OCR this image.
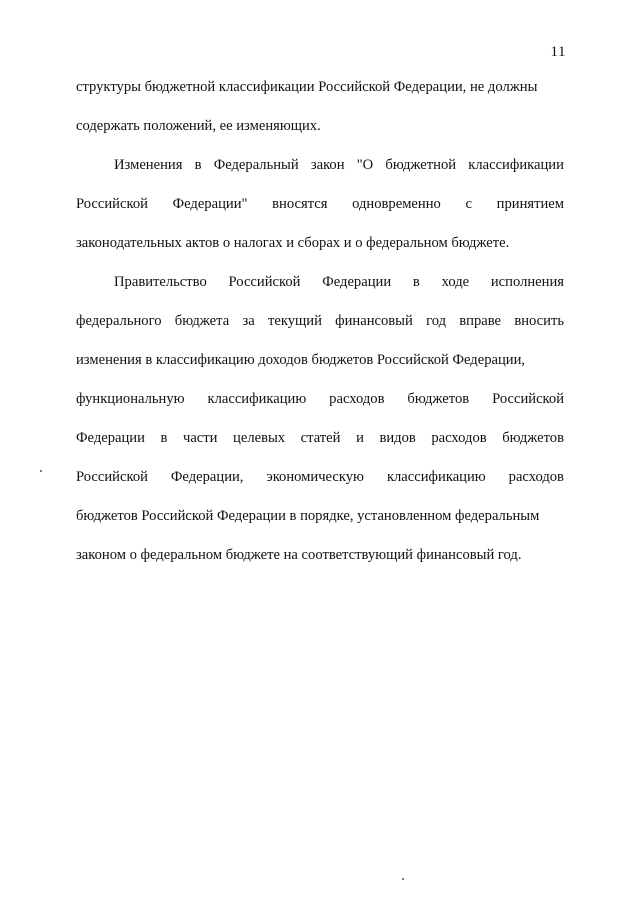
11
структуры бюджетной классификации Российской Федерации, не должны
содержать положений, ее изменяющих.
Изменения в Федеральный закон "О бюджетной классификации
Российской Федерации" вносятся одновременно с принятием
законодательных актов о налогах и сборах и о федеральном бюджете.
Правительство Российской Федерации в ходе исполнения
федерального бюджета за текущий финансовый год вправе вносить
изменения в классификацию доходов бюджетов Российской Федерации,
функциональную классификацию расходов бюджетов Российской
Федерации в части целевых статей и видов расходов бюджетов
Российской Федерации, экономическую классификацию расходов
бюджетов Российской Федерации в порядке, установленном федеральным
законом о федеральном бюджете на соответствующий финансовый год.
